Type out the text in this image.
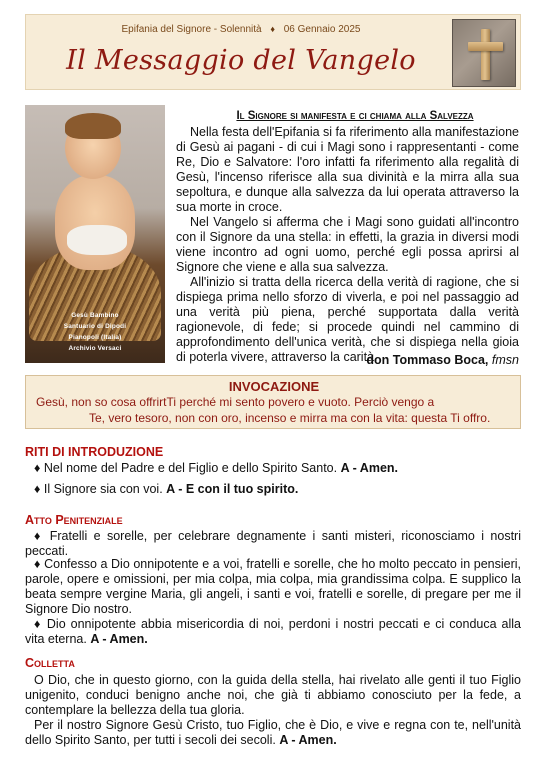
Epifania del Signore - Solennità ♦ 06 Gennaio 2025
Il Messaggio del Vangelo
Gesù Bambino
Santuario di Dipodi
Pianopoli (Italia)
Archivio Versaci
Il Signore si manifesta e ci chiama alla Salvezza

Nella festa dell'Epifania si fa riferimento alla manifestazione di Gesù ai pagani - di cui i Magi sono i rappresentanti - come Re, Dio e Salvatore: l'oro infatti fa riferimento alla regalità di Gesù, l'incenso riferisce alla sua divinità e la mirra alla sua sepoltura, e dunque alla salvezza da lui operata attraverso la sua morte in croce.

Nel Vangelo si afferma che i Magi sono guidati all'incontro con il Signore da una stella: in effetti, la grazia in diversi modi viene incontro ad ogni uomo, perché egli possa aprirsi al Signore che viene e alla sua salvezza.

All'inizio si tratta della ricerca della verità di ragione, che si dispiega prima nello sforzo di viverla, e poi nel passaggio ad una verità più piena, perché supportata dalla verità ragionevole, di fede; si procede quindi nel cammino di approfondimento dell'unica verità, che si dispiega nella gioia di poterla vivere, attraverso la carità.

don Tommaso Boca, fmsn
INVOCAZIONE
Gesù, non so cosa offrirtTi perché mi sento povero e vuoto. Perciò vengo a
Te, vero tesoro, non con oro, incenso e mirra ma con la vita: questa Ti offro.
RITI DI INTRODUZIONE
♦ Nel nome del Padre e del Figlio e dello Spirito Santo. A - Amen.
♦ Il Signore sia con voi. A - E con il tuo spirito.
Atto Penitenziale
♦ Fratelli e sorelle, per celebrare degnamente i santi misteri, riconosciamo i nostri peccati.
♦ Confesso a Dio onnipotente e a voi, fratelli e sorelle, che ho molto peccato in pensieri, parole, opere e omissioni, per mia colpa, mia colpa, mia grandissima colpa. E supplico la beata sempre vergine Maria, gli angeli, i santi e voi, fratelli e sorelle, di pregare per me il Signore Dio nostro.
♦ Dio onnipotente abbia misericordia di noi, perdoni i nostri peccati e ci conduca alla vita eterna. A - Amen.
Colletta
O Dio, che in questo giorno, con la guida della stella, hai rivelato alle genti il tuo Figlio unigenito, conduci benigno anche noi, che già ti abbiamo conosciuto per la fede, a contemplare la bellezza della tua gloria.
Per il nostro Signore Gesù Cristo, tuo Figlio, che è Dio, e vive e regna con te, nell'unità dello Spirito Santo, per tutti i secoli dei secoli. A - Amen.
